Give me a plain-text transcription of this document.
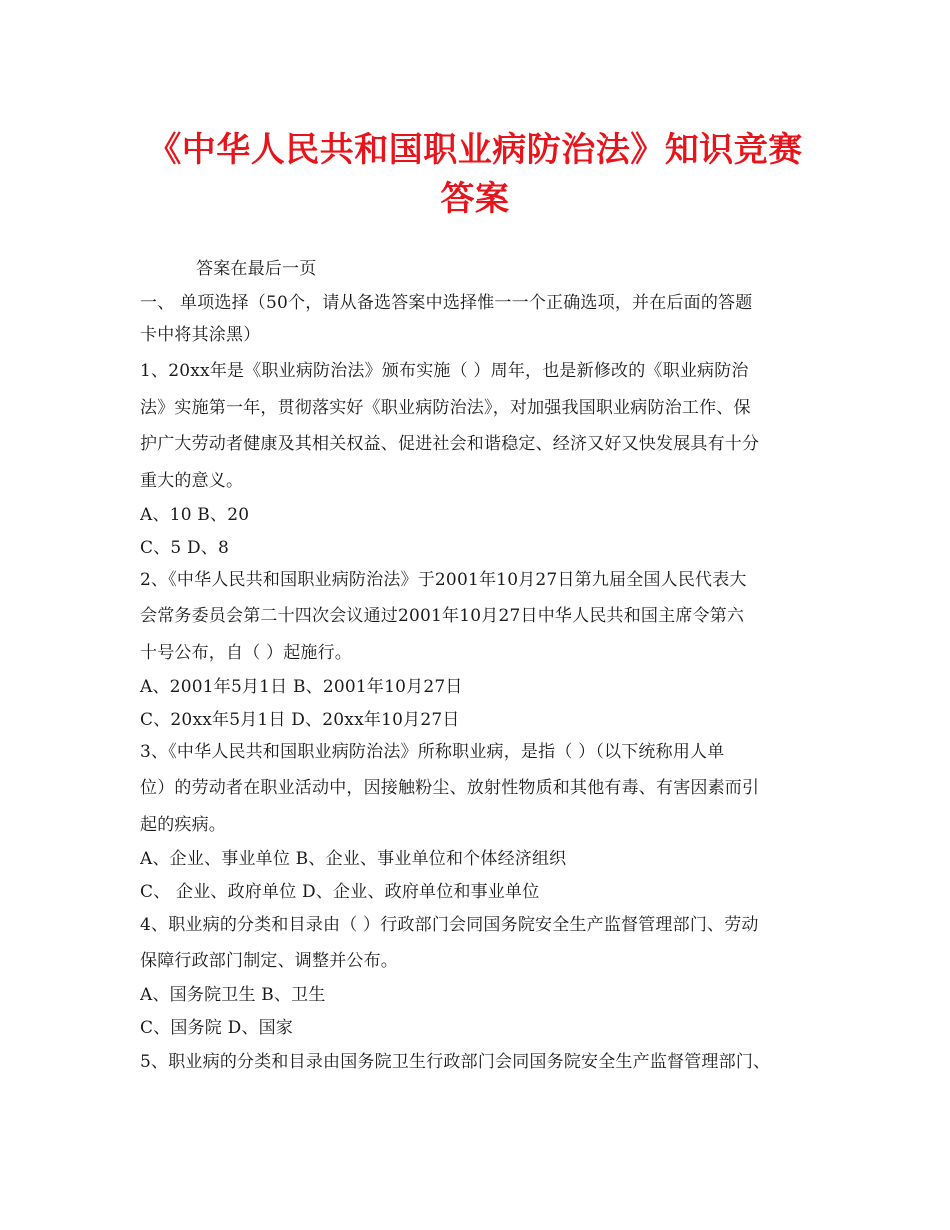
《中华人民共和国职业病防治法》知识竞赛
答案
答案在最后一页
一、 单项选择（50个，请从备选答案中选择惟一一个正确选项，并在后面的答题
卡中将其涂黑）
1、20xx年是《职业病防治法》颁布实施（ ）周年，也是新修改的《职业病防治
法》实施第一年，贯彻落实好《职业病防治法》，对加强我国职业病防治工作、保
护广大劳动者健康及其相关权益、促进社会和谐稳定、经济又好又快发展具有十分
重大的意义。
A、10 B、20
C、5 D、8
2、《中华人民共和国职业病防治法》于2001年10月27日第九届全国人民代表大
会常务委员会第二十四次会议通过2001年10月27日中华人民共和国主席令第六
十号公布，自（ ）起施行。
A、2001年5月1日 B、2001年10月27日
C、20xx年5月1日 D、20xx年10月27日
3、《中华人民共和国职业病防治法》所称职业病，是指（ ）（以下统称用人单
位）的劳动者在职业活动中，因接触粉尘、放射性物质和其他有毒、有害因素而引
起的疾病。
A、企业、事业单位 B、企业、事业单位和个体经济组织
C、 企业、政府单位 D、企业、政府单位和事业单位
4、职业病的分类和目录由（ ）行政部门会同国务院安全生产监督管理部门、劳动
保障行政部门制定、调整并公布。
A、国务院卫生 B、卫生
C、国务院 D、国家
5、职业病的分类和目录由国务院卫生行政部门会同国务院安全生产监督管理部门、
